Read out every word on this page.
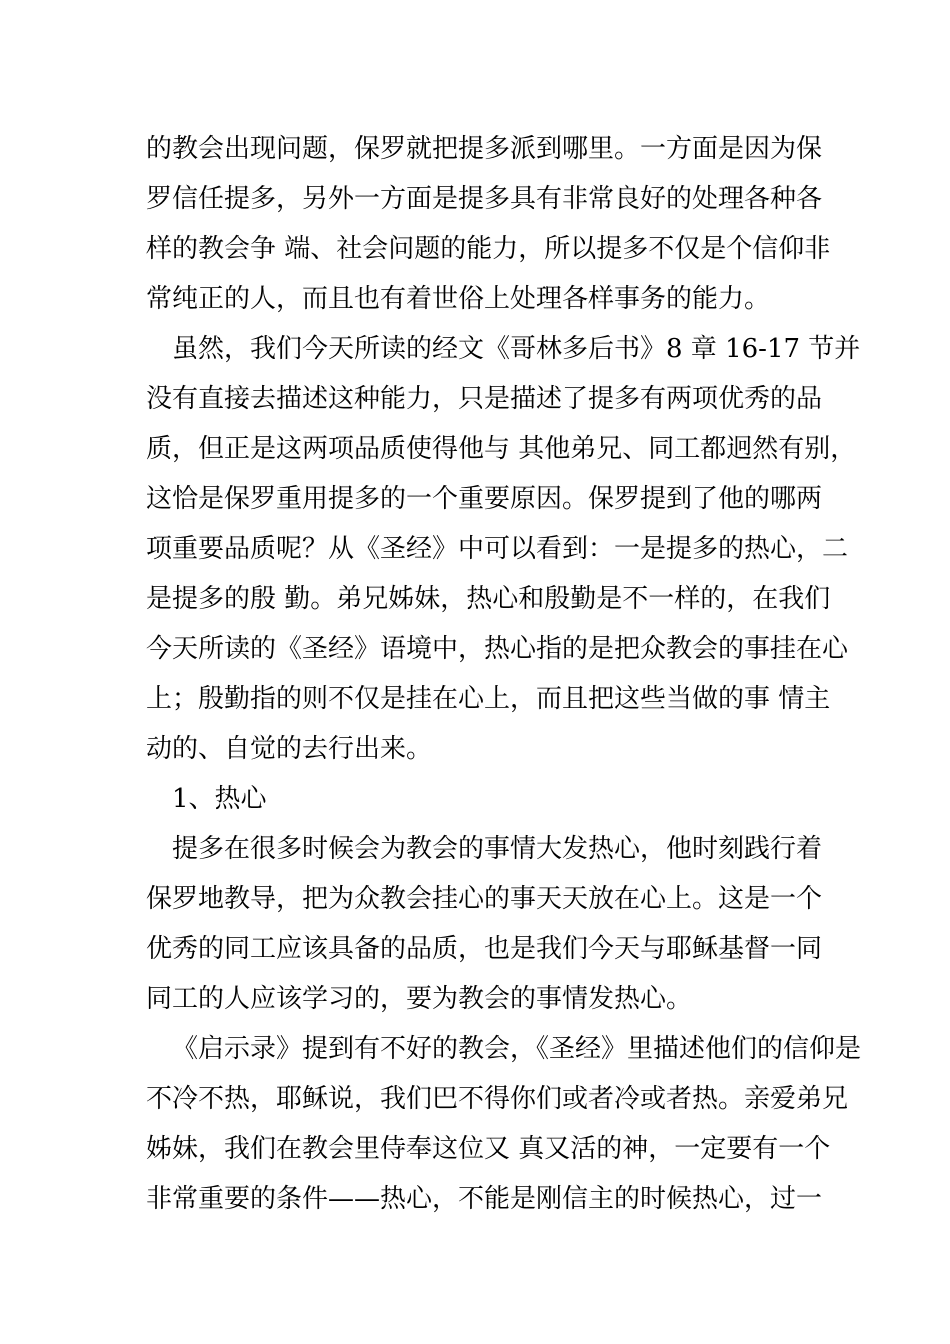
的教会出现问题，保罗就把提多派到哪里。一方面是因为保
罗信任提多，另外一方面是提多具有非常良好的处理各种各
样的教会争 端、社会问题的能力，所以提多不仅是个信仰非
常纯正的人，而且也有着世俗上处理各样事务的能力。

虽然，我们今天所读的经文《哥林多后书》8 章 16-17 节并
没有直接去描述这种能力，只是描述了提多有两项优秀的品
质，但正是这两项品质使得他与 其他弟兄、同工都迥然有别，
这恰是保罗重用提多的一个重要原因。保罗提到了他的哪两
项重要品质呢？从《圣经》中可以看到：一是提多的热心，二
是提多的殷 勤。弟兄姊妹，热心和殷勤是不一样的，在我们
今天所读的《圣经》语境中，热心指的是把众教会的事挂在心
上；殷勤指的则不仅是挂在心上，而且把这些当做的事 情主
动的、自觉的去行出来。

1、热心

提多在很多时候会为教会的事情大发热心，他时刻践行着
保罗地教导，把为众教会挂心的事天天放在心上。这是一个
优秀的同工应该具备的品质，也是我们今天与耶稣基督一同
同工的人应该学习的，要为教会的事情发热心。

《启示录》提到有不好的教会，《圣经》里描述他们的信仰是
不冷不热，耶稣说，我们巴不得你们或者冷或者热。亲爱弟兄
姊妹，我们在教会里侍奉这位又 真又活的神，一定要有一个
非常重要的条件——热心，不能是刚信主的时候热心，过一
